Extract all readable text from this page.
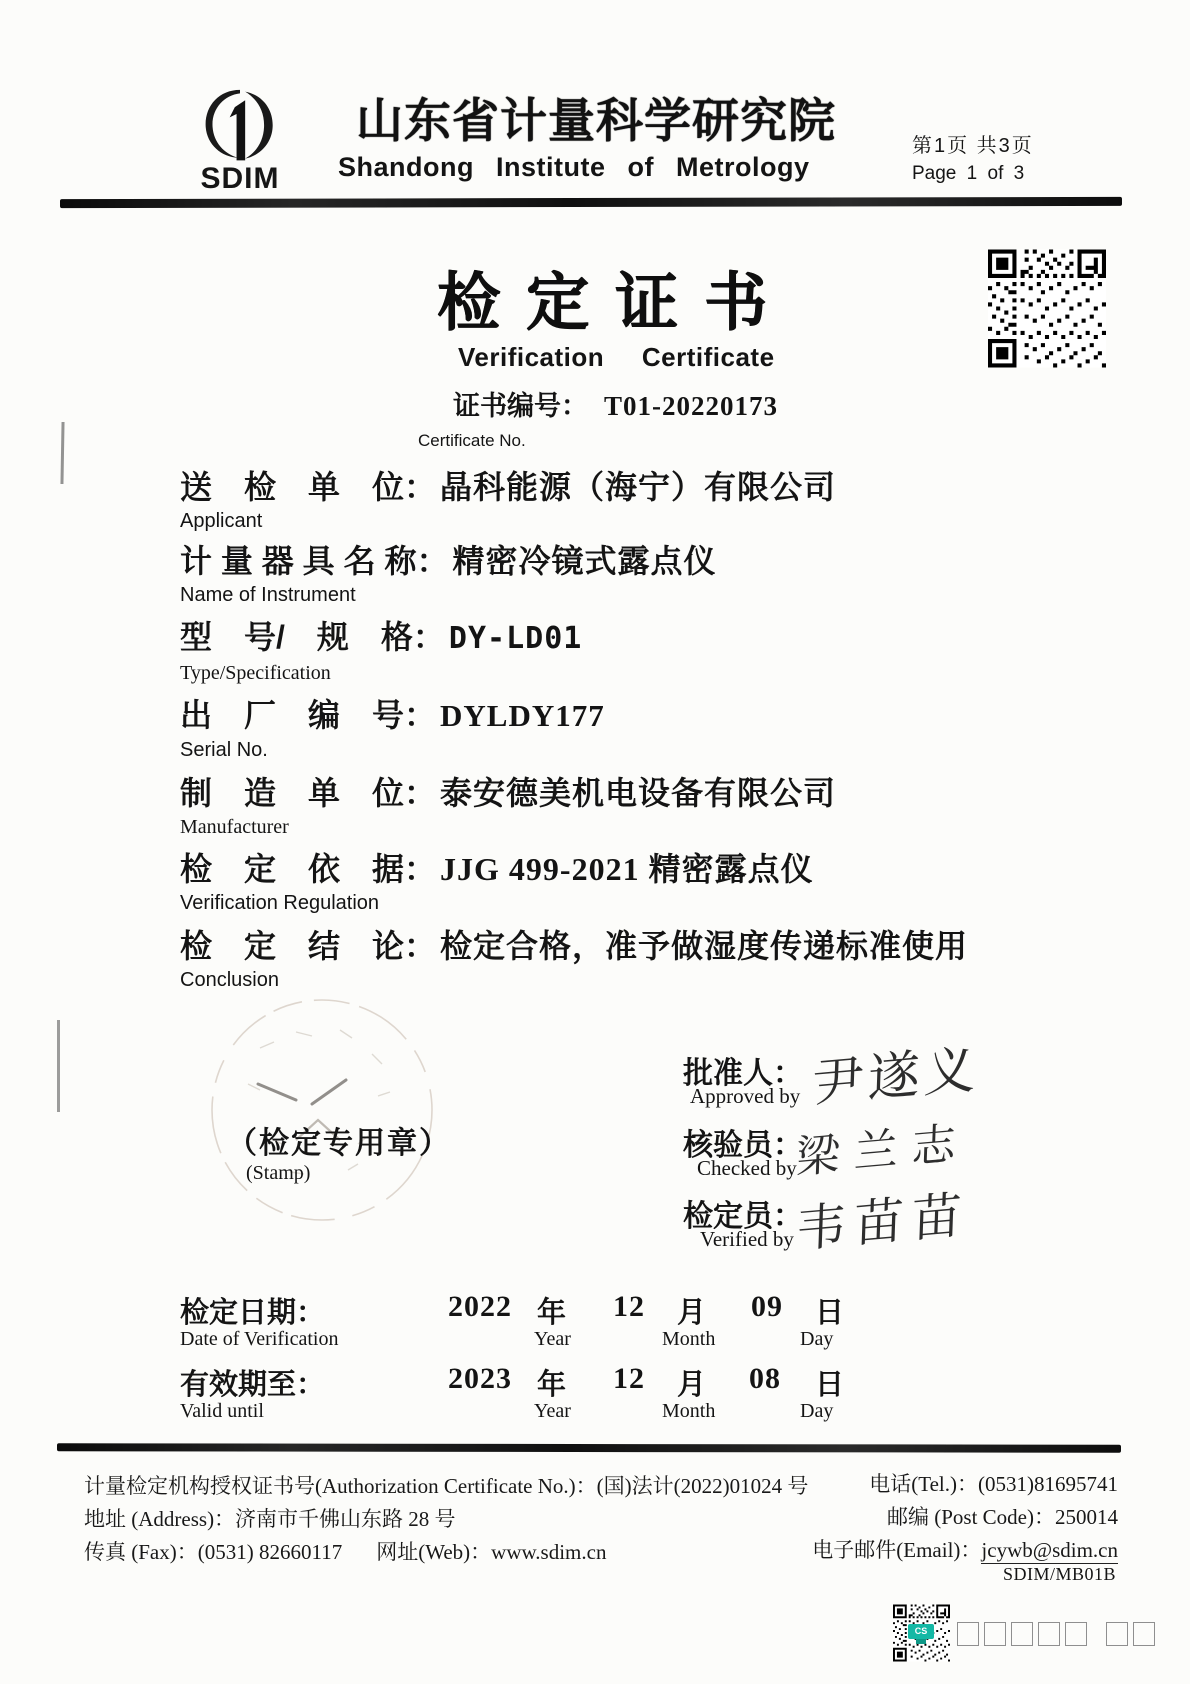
SDIM
山东省计量科学研究院
Shandong Institute of Metrology
第1页 共3页
Page 1 of 3
检定证书
Verification Certificate
证书编号： T01-20220173
Certificate No.
送　检　单　位： 晶科能源（海宁）有限公司
Applicant
计 量 器 具 名 称： 精密冷镜式露点仪
Name of Instrument
型　号/　规　格： DY-LD01
Type/Specification
出　厂　编　号： DYLDY177
Serial No.
制　造　单　位： 泰安德美机电设备有限公司
Manufacturer
检　定　依　据： JJG 499-2021 精密露点仪
Verification Regulation
检　定　结　论： 检定合格，准予做湿度传递标准使用
Conclusion
（检定专用章）
(Stamp)
批准人：
Approved by 尹遂义
核验员：
Checked by
梁兰志
检定员：
Verified by 韦苗苗
检定日期：	2022 年 12 月 09 日
Date of Verification	Year	Month	Day
有效期至：	2023 年 12 月 08 日
Valid until	Year	Month	Day
计量检定机构授权证书号(Authorization Certificate No.)：(国)法计(2022)01024 号
地址 (Address)：济南市千佛山东路 28 号
传真 (Fax)：(0531) 82660117 网址(Web)：www.sdim.cn
电话(Tel.)：(0531)81695741
邮编 (Post Code)：250014
电子邮件(Email)：jcywb@sdim.cn
SDIM/MB01B
CS
